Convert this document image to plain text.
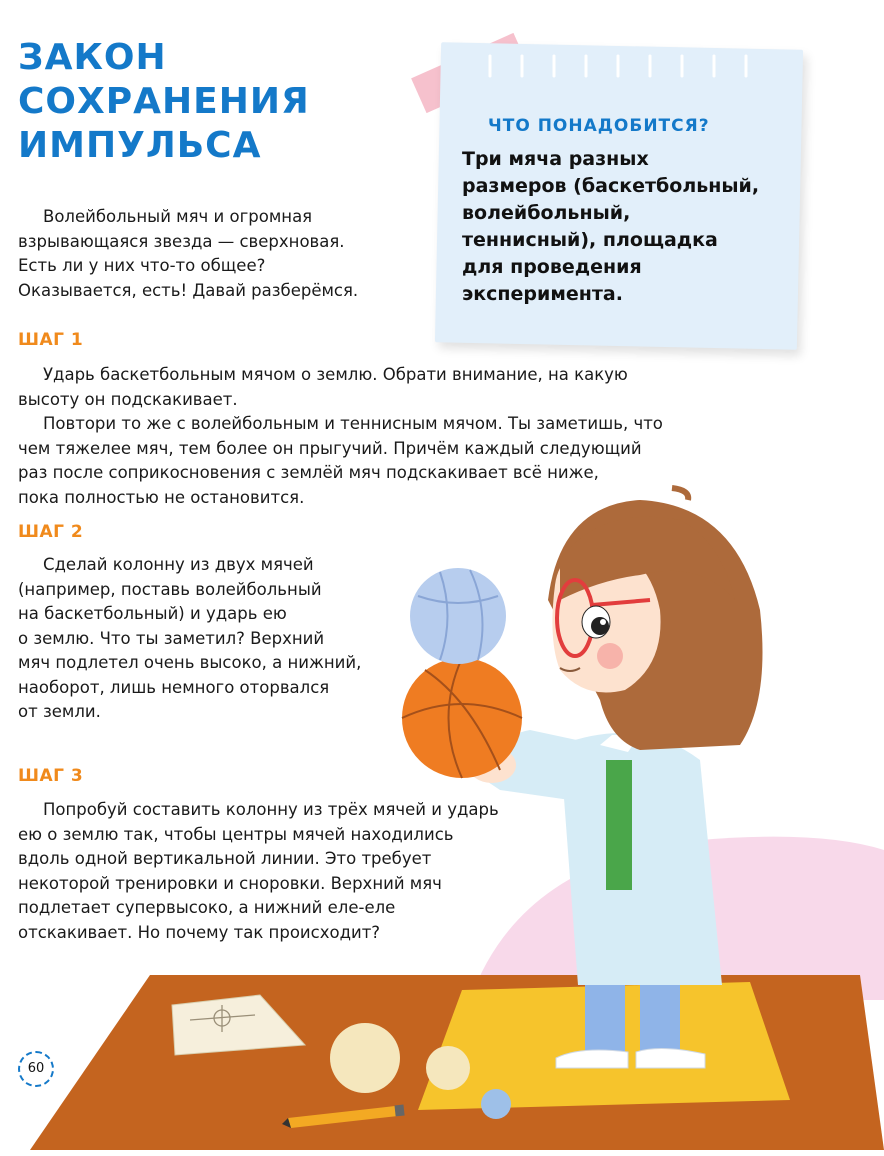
ЗАКОН
СОХРАНЕНИЯ
ИМПУЛЬСА

Волейбольный мяч и огромная
взрывающаяся звезда — сверхновая.
Есть ли у них что-то общее?
Оказывается, есть! Давай разберёмся.

ЧТО ПОНАДОБИТСЯ?

Три мяча разных
размеров (баскетбольный,
волейбольный,
теннисный), площадка
для проведения
эксперимента.

ШАГ 1
Ударь баскетбольным мячом о землю. Обрати внимание, на какую
высоту он подскакивает.
Повтори то же с волейбольным и теннисным мячом. Ты заметишь, что
чем тяжелее мяч, тем более он прыгучий. Причём каждый следующий
раз после соприкосновения с землёй мяч подскакивает всё ниже,
пока полностью не остановится.
ШАГ 2
Сделай колонну из двух мячей
(например, поставь волейбольный
на баскетбольный) и ударь ею
о землю. Что ты заметил? Верхний
мяч подлетел очень высоко, а нижний,
наоборот, лишь немного оторвался
от земли.
ШАГ 3
Попробуй составить колонну из трёх мячей и ударь
ею о землю так, чтобы центры мячей находились
вдоль одной вертикальной линии. Это требует
некоторой тренировки и сноровки. Верхний мяч
подлетает супервысоко, а нижний еле-еле
отскакивает. Но почему так происходит?
60
